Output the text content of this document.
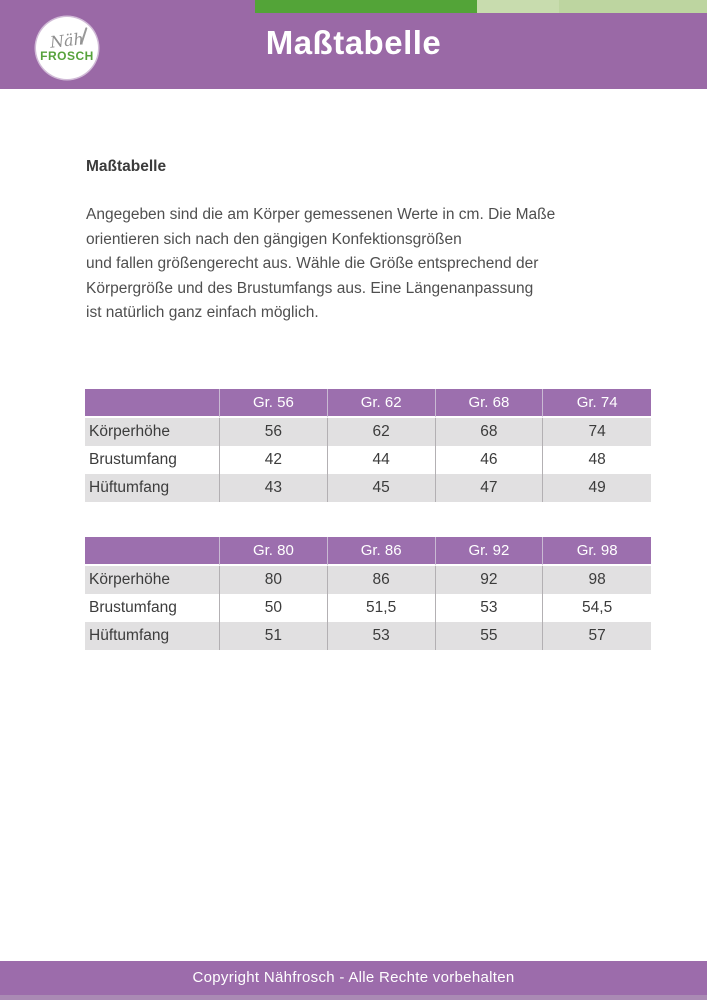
Näh
FROSCH	Maßtabelle
Maßtabelle
Angegeben sind die am Körper gemessenen Werte in cm. Die Maße
orientieren sich nach den gängigen Konfektionsgrößen
und fallen größengerecht aus. Wähle die Größe entsprechend der
Körpergröße und des Brustumfangs aus. Eine Längenanpassung
ist natürlich ganz einfach möglich.
	Gr. 56	Gr. 62	Gr. 68	Gr. 74
Körperhöhe	56	62	68	74
Brustumfang	42	44	46	48
Hüftumfang	43	45	47	49
	Gr. 80	Gr. 86	Gr. 92	Gr. 98
Körperhöhe	80	86	92	98
Brustumfang	50	51,5	53	54,5
Hüftumfang	51	53	55	57
Copyright Nähfrosch - Alle Rechte vorbehalten
